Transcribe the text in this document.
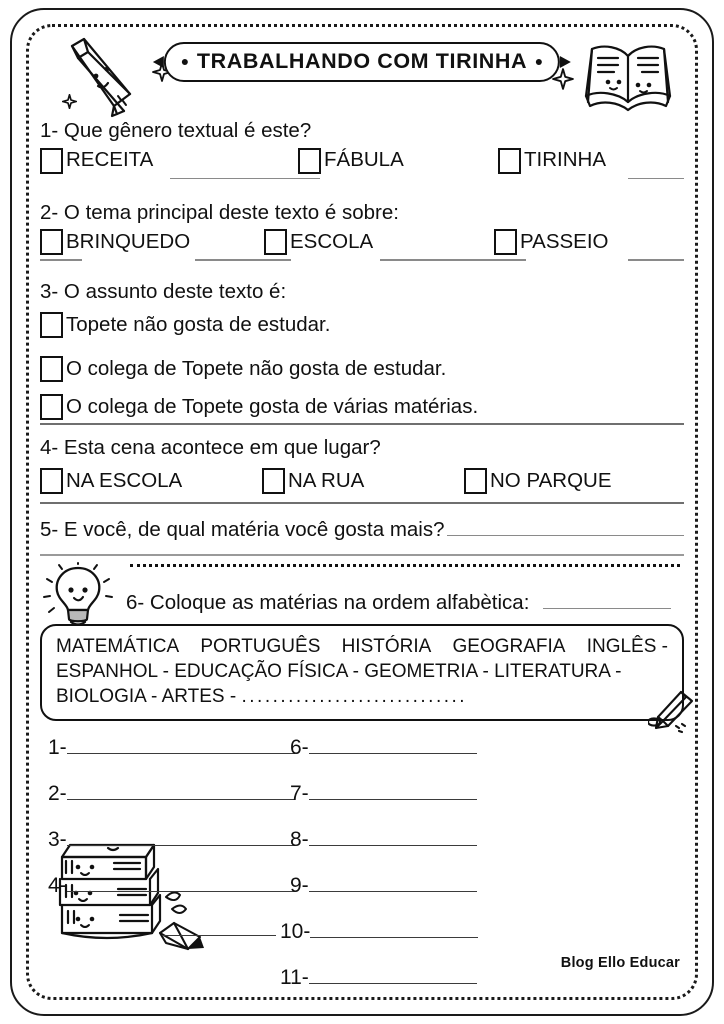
TRABALHANDO COM TIRINHA
1- Que gênero textual é este?
RECEITA	FÁBULA	TIRINHA
2- O tema principal deste texto é sobre:
BRINQUEDO	ESCOLA	PASSEIO
3- O assunto deste texto é:
Topete não gosta de estudar.
O colega de Topete não gosta de estudar.
O colega de Topete gosta de várias matérias.
4- Esta cena acontece em que lugar?
NA ESCOLA	NA RUA	NO PARQUE
5- E você, de qual matéria você gosta mais?
6- Coloque as matérias na ordem alfabètica:
MATEMÁTICA PORTUGUÊS HISTÓRIA GEOGRAFIA INGLÊS -
ESPANHOL - EDUCAÇÃO FÍSICA - GEOMETRIA - LITERATURA -
BIOLOGIA - ARTES - .............................
1-
2-
3-
4-
6-
7-
8-
9-
10-
11-
Blog Ello Educar
